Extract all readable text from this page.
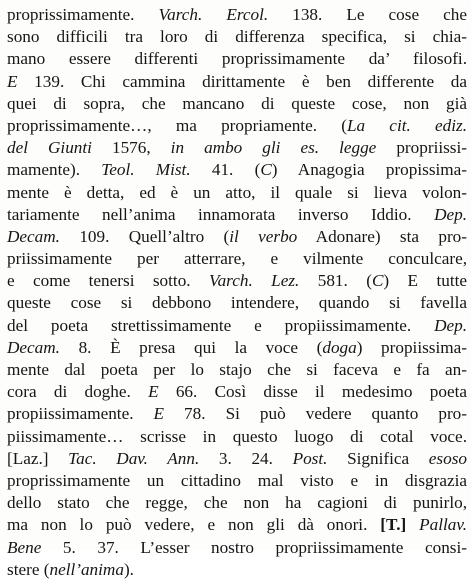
proprissimamente. Varch. Ercol. 138. Le cose che
sono difficili tra loro di differenza specifica, si chia-
mano essere differenti proprissimamente da’ filosofi.
E 139. Chi cammina dirittamente è ben differente da
quei di sopra, che mancano di queste cose, non già
proprissimamente…, ma propriamente. (La cit. ediz.
del Giunti 1576, in ambo gli es. legge propriissi-
mamente). Teol. Mist. 41. (C) Anagogia propissima-
mente è detta, ed è un atto, il quale si lieva volon-
tariamente nell’anima innamorata inverso Iddio. Dep.
Decam. 109. Quell’altro (il verbo Adonare) sta pro-
priissimamente per atterrare, e vilmente conculcare,
e come tenersi sotto. Varch. Lez. 581. (C) E tutte
queste cose si debbono intendere, quando si favella
del poeta strettissimamente e propiissimamente. Dep.
Decam. 8. È presa qui la voce (doga) propiissima-
mente dal poeta per lo stajo che si faceva e fa an-
cora di doghe. E 66. Così disse il medesimo poeta
propiissimamente. E 78. Si può vedere quanto pro-
piissimamente… scrisse in questo luogo di cotal voce.
[Laz.] Tac. Dav. Ann. 3. 24. Post. Significa esoso
proprissimamente un cittadino mal visto e in disgrazia
dello stato che regge, che non ha cagioni di punirlo,
ma non lo può vedere, e non gli dà onori. [T.] Pallav.
Bene 5. 37. L’esser nostro propriissimamente consi-
stere (nell’anima).
